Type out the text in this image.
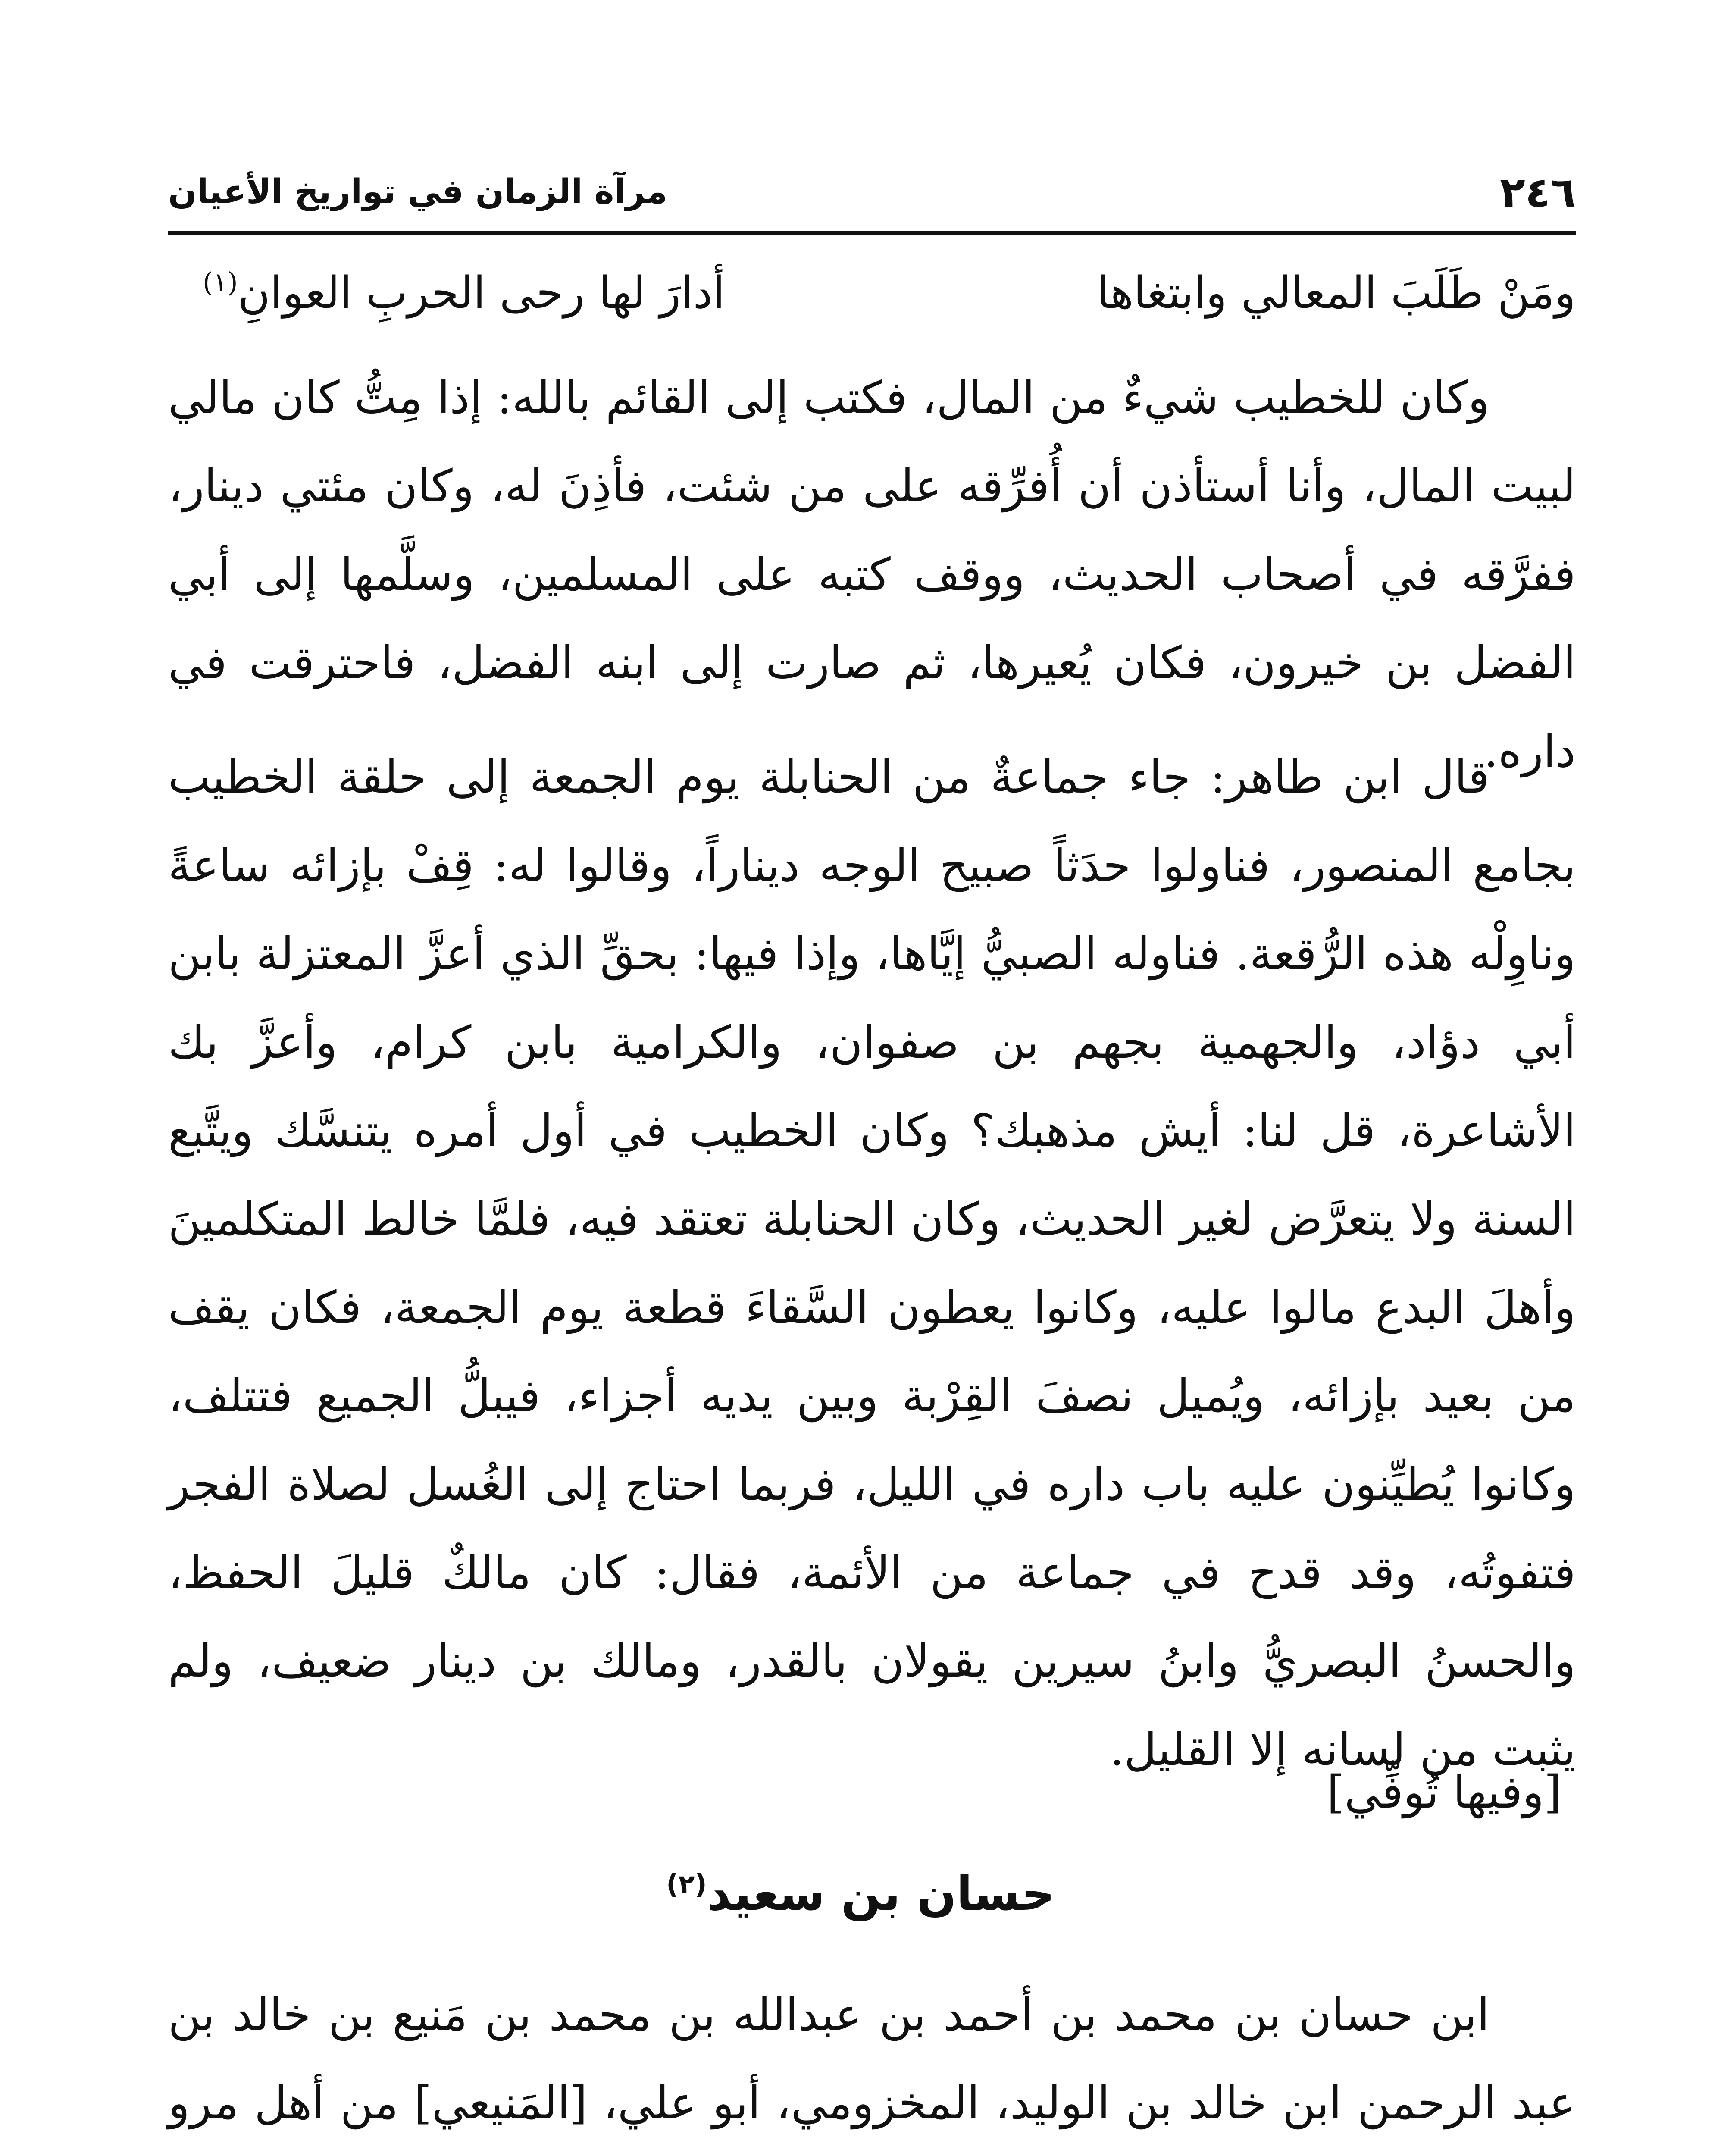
٢٤٦
مرآة الزمان في تواريخ الأعيان
ومَنْ طَلَبَ المعالي وابتغاها
أدارَ لها رحى الحربِ العوانِ$^{(١)}$

وكان للخطيب شيءٌ من المال، فكتب إلى القائم بالله: إذا مِتُّ كان مالي لبيت المال، وأنا أستأذن أن أُفرِّقه على من شئت، فأذِنَ له، وكان مئتي دينار، ففرَّقه في أصحاب الحديث، ووقف كتبه على المسلمين، وسلَّمها إلى أبي الفضل بن خيرون، فكان يُعيرها، ثم صارت إلى ابنه الفضل، فاحترقت في داره.

قال ابن طاهر: جاء جماعةٌ من الحنابلة يوم الجمعة إلى حلقة الخطيب بجامع المنصور، فناولوا حدَثاً صبيح الوجه ديناراً، وقالوا له: قِفْ بإزائه ساعةً وناوِلْه هذه الرُّقعة. فناوله الصبيُّ إيَّاها، وإذا فيها: بحقِّ الذي أعزَّ المعتزلة بابن أبي دؤاد، والجهمية بجهم بن صفوان، والكرامية بابن كرام، وأعزَّ بك الأشاعرة، قل لنا: أيش مذهبك؟ وكان الخطيب في أول أمره يتنسَّك ويتَّبع السنة ولا يتعرَّض لغير الحديث، وكان الحنابلة تعتقد فيه، فلمَّا خالط المتكلمينَ وأهلَ البدع مالوا عليه، وكانوا يعطون السَّقاءَ قطعة يوم الجمعة، فكان يقف من بعيد بإزائه، ويُميل نصفَ القِرْبة وبين يديه أجزاء، فيبلُّ الجميع فتتلف، وكانوا يُطيِّنون عليه باب داره في الليل، فربما احتاج إلى الغُسل لصلاة الفجر فتفوتُه، وقد قدح في جماعة من الأئمة، فقال: كان مالكٌ قليلَ الحفظ، والحسنُ البصريُّ وابنُ سيرين يقولان بالقدر، ومالك بن دينار ضعيف، ولم يثبت من لسانه إلا القليل.

[وفيها تُوفِّي]
حسان بن سعيد$^{(٢)}$

ابن حسان بن محمد بن أحمد بن عبدالله بن محمد بن مَنيع بن خالد بن عبد الرحمن ابن خالد بن الوليد، المخزومي، أبو علي، [المَنيعي] من أهل مرو
